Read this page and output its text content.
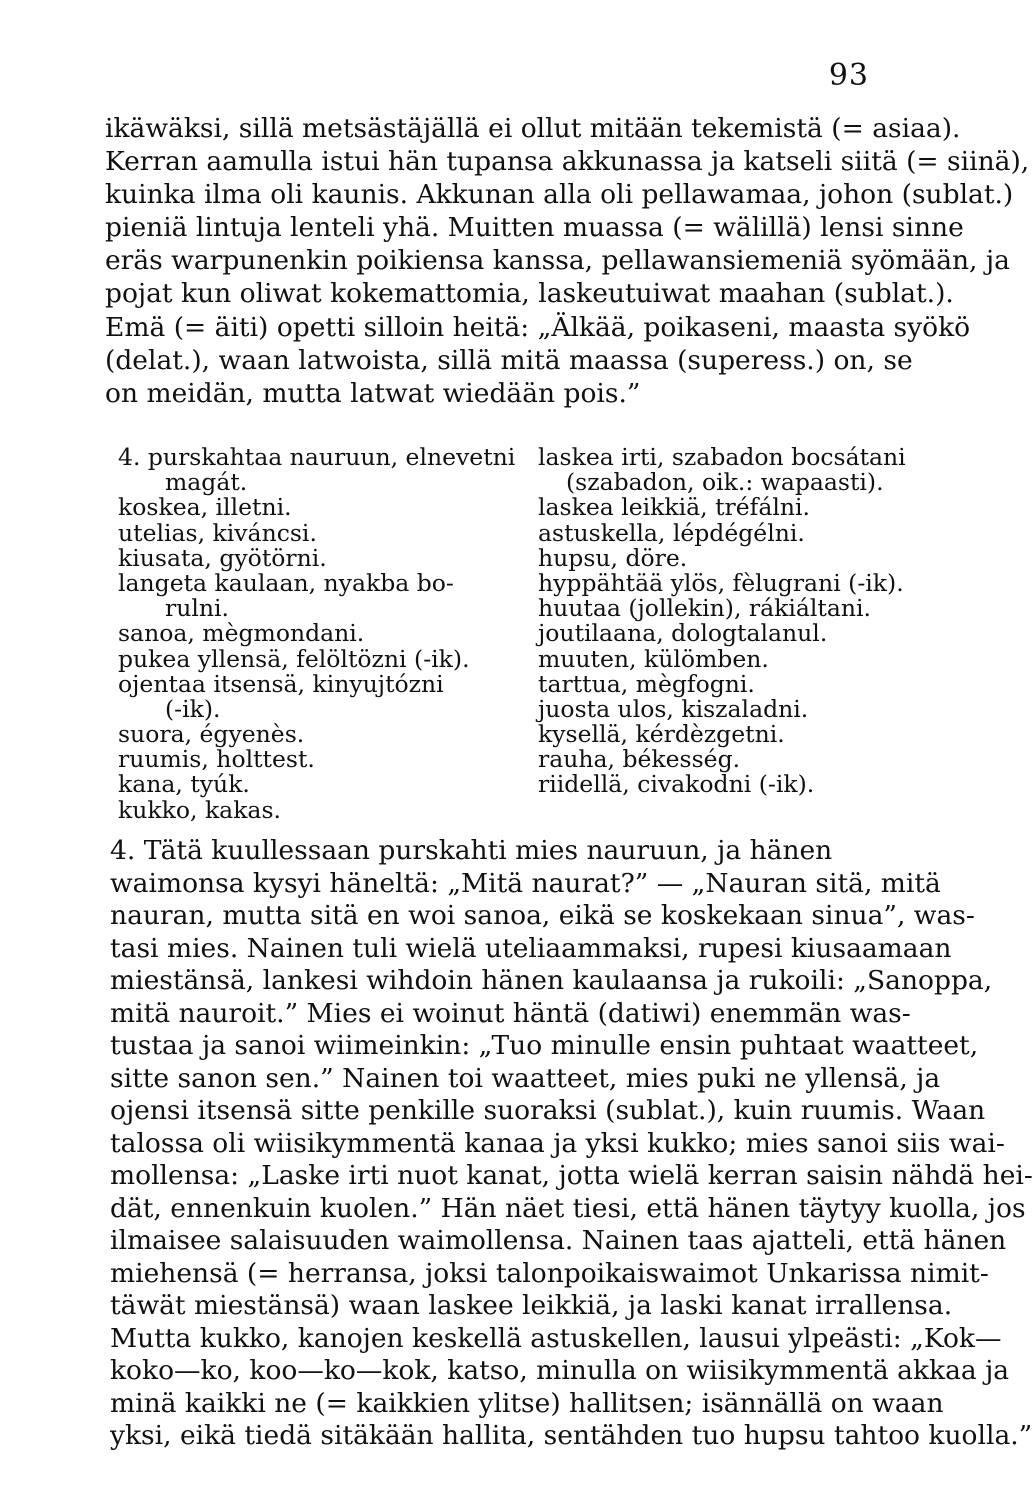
93
ikäwäksi, sillä metsästäjällä ei ollut mitään tekemistä (= asiaa).
Kerran aamulla istui hän tupansa akkunassa ja katseli siitä (= siinä),
kuinka ilma oli kaunis. Akkunan alla oli pellawamaa, johon (sublat.)
pieniä lintuja lenteli yhä. Muitten muassa (= wälillä) lensi sinne
eräs warpunenkin poikiensa kanssa, pellawansiemeniä syömään, ja
pojat kun oliwat kokemattomia, laskeutuiwat maahan (sublat.).
Emä (= äiti) opetti silloin heitä: „Älkää, poikaseni, maasta syökö
(delat.), waan latwoista, sillä mitä maassa (superess.) on, se
on meidän, mutta latwat wiedään pois.”
4. purskahtaa nauruun, elnevetni
magát.
koskea, illetni.
utelias, kiváncsi.
kiusata, gyötörni.
langeta kaulaan, nyakba bo-
rulni.
sanoa, mègmondani.
pukea yllensä, felöltözni (-ik).
ojentaa itsensä, kinyujtózni
(-ik).
suora, égyenès.
ruumis, holttest.
kana, tyúk.
kukko, kakas.
laskea irti, szabadon bocsátani
(szabadon, oik.: wapaasti).
laskea leikkiä, tréfálni.
astuskella, lépdégélni.
hupsu, döre.
hyppähtää ylös, fèlugrani (-ik).
huutaa (jollekin), rákiáltani.
joutilaana, dologtalanul.
muuten, külömben.
tarttua, mègfogni.
juosta ulos, kiszaladni.
kysellä, kérdèzgetni.
rauha, békesség.
riidellä, civakodni (-ik).
4. Tätä kuullessaan purskahti mies nauruun, ja hänen
waimonsa kysyi häneltä: „Mitä naurat?” — „Nauran sitä, mitä
nauran, mutta sitä en woi sanoa, eikä se koskekaan sinua”, was-
tasi mies. Nainen tuli wielä uteliaammaksi, rupesi kiusaamaan
miestänsä, lankesi wihdoin hänen kaulaansa ja rukoili: „Sanoppa,
mitä nauroit.” Mies ei woinut häntä (datiwi) enemmän was-
tustaa ja sanoi wiimeinkin: „Tuo minulle ensin puhtaat waatteet,
sitte sanon sen.” Nainen toi waatteet, mies puki ne yllensä, ja
ojensi itsensä sitte penkille suoraksi (sublat.), kuin ruumis. Waan
talossa oli wiisikymmentä kanaa ja yksi kukko; mies sanoi siis wai-
mollensa: „Laske irti nuot kanat, jotta wielä kerran saisin nähdä hei-
dät, ennenkuin kuolen.” Hän näet tiesi, että hänen täytyy kuolla, jos
ilmaisee salaisuuden waimollensa. Nainen taas ajatteli, että hänen
miehensä (= herransa, joksi talonpoikaiswaimot Unkarissa nimit-
täwät miestänsä) waan laskee leikkiä, ja laski kanat irrallensa.
Mutta kukko, kanojen keskellä astuskellen, lausui ylpeästi: „Kok—
koko—ko, koo—ko—kok, katso, minulla on wiisikymmentä akkaa ja
minä kaikki ne (= kaikkien ylitse) hallitsen; isännällä on waan
yksi, eikä tiedä sitäkään hallita, sentähden tuo hupsu tahtoo kuolla.”
